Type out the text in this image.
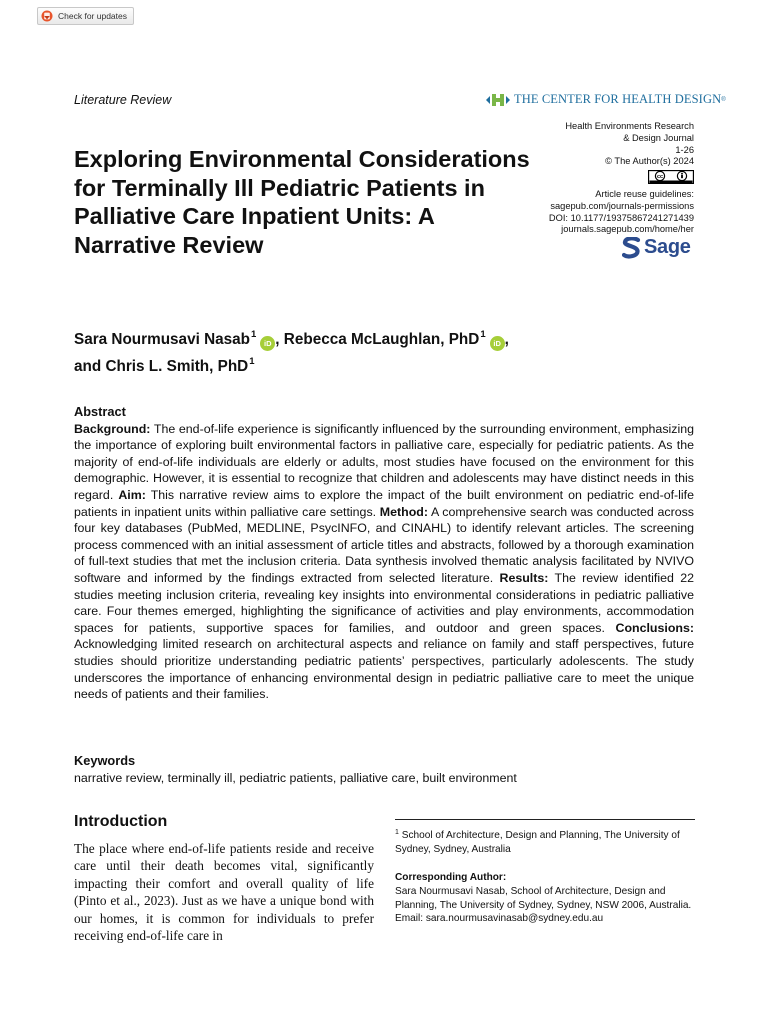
Check for updates
Literature Review	THE CENTER FOR HEALTH DESIGN ®
Health Environments Research
& Design Journal
1-26
© The Author(s) 2024
cc
Article reuse guidelines:
sagepub.com/journals-permissions
DOI: 10.1177/19375867241271439
journals.sagepub.com/home/her
Sage
Exploring Environmental Considerations for Terminally Ill Pediatric Patients in Palliative Care Inpatient Units: A Narrative Review
Sara Nourmusavi Nasab$^1$iD , Rebecca McLaughlan, PhD$^1$iD ,
and Chris L. Smith, PhD$^1$
Abstract
Background: The end-of-life experience is significantly influenced by the surrounding environment, emphasizing the importance of exploring built environmental factors in palliative care, especially for pediatric patients. As the majority of end-of-life individuals are elderly or adults, most studies have focused on the environment for this demographic. However, it is essential to recognize that children and adolescents may have distinct needs in this regard. Aim: This narrative review aims to explore the impact of the built environment on pediatric end-of-life patients in inpatient units within palliative care settings. Method: A comprehensive search was conducted across four key databases (PubMed, MEDLINE, PsycINFO, and CINAHL) to identify relevant articles. The screening process commenced with an initial assessment of article titles and abstracts, followed by a thorough examination of full-text studies that met the inclusion criteria. Data synthesis involved thematic analysis facilitated by NVIVO software and informed by the findings extracted from selected literature. Results: The review identified 22 studies meeting inclusion criteria, revealing key insights into environmental considerations in pediatric palliative care. Four themes emerged, highlighting the significance of activities and play environments, accommodation spaces for patients, supportive spaces for families, and outdoor and green spaces. Conclusions: Acknowledging limited research on architectural aspects and reliance on family and staff perspectives, future studies should prioritize understanding pediatric patients’ perspectives, particularly adolescents. The study underscores the importance of enhancing environmental design in pediatric palliative care to meet the unique needs of patients and their families.
Keywords
narrative review, terminally ill, pediatric patients, palliative care, built environment
Introduction
The place where end-of-life patients reside and receive care until their death becomes vital, significantly impacting their comfort and overall quality of life (Pinto et al., 2023). Just as we have a unique bond with our homes, it is common for individuals to prefer receiving end-of-life care in
$^1$ School of Architecture, Design and Planning, The University of Sydney, Sydney, Australia
Corresponding Author:
Sara Nourmusavi Nasab, School of Architecture, Design and Planning, The University of Sydney, Sydney, NSW 2006, Australia.
Email: sara.nourmusavinasab@sydney.edu.au
